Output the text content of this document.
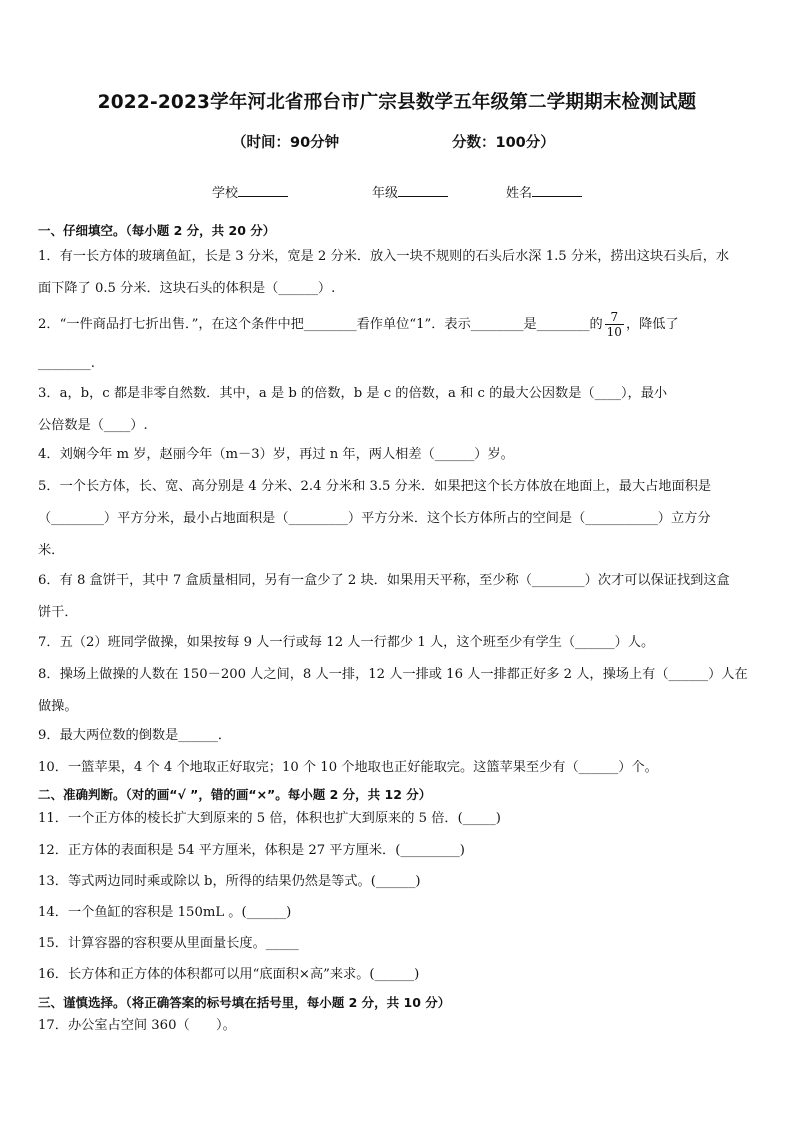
2022-2023学年河北省邢台市广宗县数学五年级第二学期期末检测试题
（时间：90分钟	分数：100分）
学校	年级	姓名
一、仔细填空。（每小题 2 分，共 20 分）
1．有一长方体的玻璃鱼缸，长是 3 分米，宽是 2 分米．放入一块不规则的石头后水深 1.5 分米，捞出这块石头后，水
面下降了 0.5 分米．这块石头的体积是（______）.
2．“一件商品打七折出售．”，在这个条件中把________看作单位“1”．表示________是________的 $\frac{7}{10}$ ，降低了
________.
3．a，b，c 都是非零自然数．其中，a 是 b 的倍数，b 是 c 的倍数，a 和 c 的最大公因数是（____），最小
公倍数是（____）.
4．刘娴今年 m 岁，赵丽今年（m－3）岁，再过 n 年，两人相差（______）岁。
5．一个长方体，长、宽、高分别是 4 分米、2.4 分米和 3.5 分米．如果把这个长方体放在地面上，最大占地面积是
（________）平方分米，最小占地面积是（_________）平方分米．这个长方体所占的空间是（___________）立方分
米．
6．有 8 盒饼干，其中 7 盒质量相同，另有一盒少了 2 块．如果用天平称，至少称（________）次才可以保证找到这盒
饼干．
7．五（2）班同学做操，如果按每 9 人一行或每 12 人一行都少 1 人，这个班至少有学生（______）人。
8．操场上做操的人数在 150－200 人之间，8 人一排，12 人一排或 16 人一排都正好多 2 人，操场上有（______）人在
做操。
9．最大两位数的倒数是______．
10．一篮苹果，4 个 4 个地取正好取完；10 个 10 个地取也正好能取完。这篮苹果至少有（______）个。
二、准确判断。（对的画“√ ”，错的画“×”。每小题 2 分，共 12 分）
11．一个正方体的棱长扩大到原来的 5 倍，体积也扩大到原来的 5 倍．(_____)
12．正方体的表面积是 54 平方厘米，体积是 27 平方厘米．(_________)
13．等式两边同时乘或除以 b，所得的结果仍然是等式。(______)
14．一个鱼缸的容积是 150mL 。(______)
15．计算容器的容积要从里面量长度。_____
16．长方体和正方体的体积都可以用“底面积×高”来求。(______)
三、谨慎选择。（将正确答案的标号填在括号里，每小题 2 分，共 10 分）
17．办公室占空间 360（　　）。
